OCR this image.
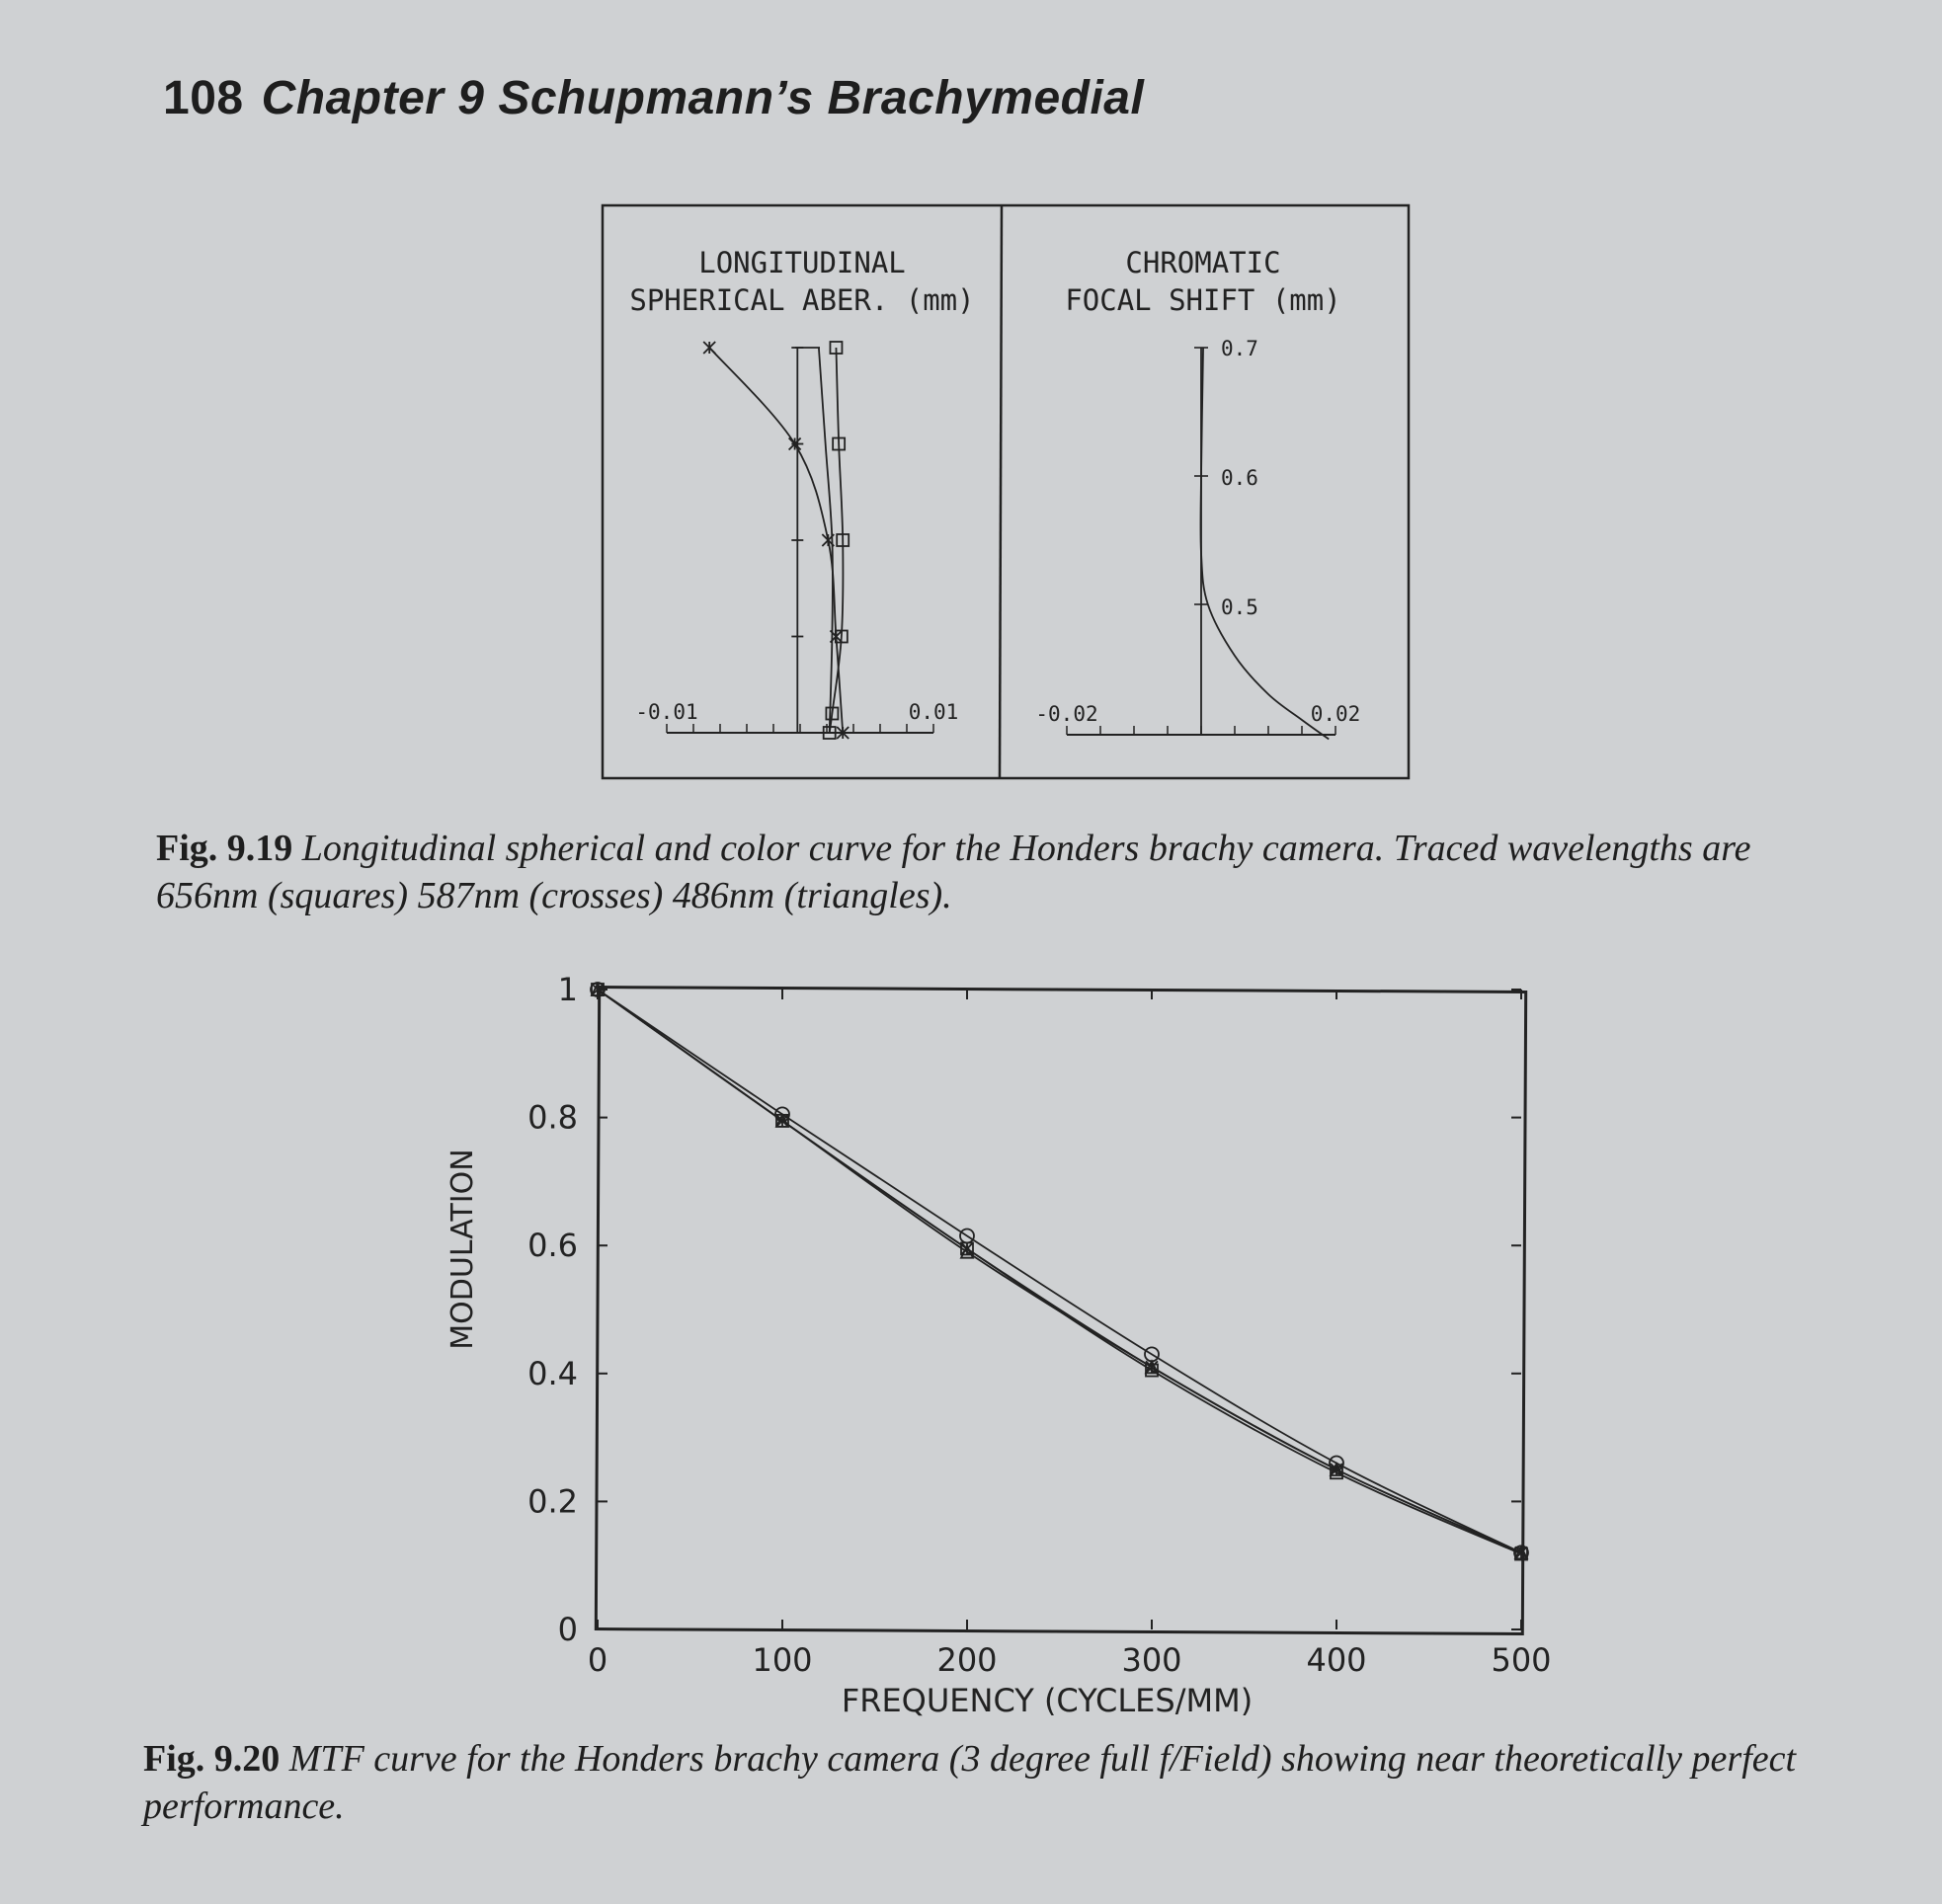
108 Chapter 9 Schupmann’s Brachymedial
LONGITUDINAL
SPHERICAL ABER. (mm)
CHROMATIC
FOCAL SHIFT (mm)
-0.01	0.01	-0.02	0.02
0.7
0.6
0.5
0	100	200	300	400	500
0
0.2
0.4
0.6
0.8
1
MODULATION
FREQUENCY (CYCLES/MM)
Fig. 9.19 Longitudinal spherical and color curve for the Honders brachy camera. Traced wavelengths are 656nm (squares) 587nm (crosses) 486nm (triangles).
Fig. 9.20 MTF curve for the Honders brachy camera (3 degree full f/Field) showing near theoretically perfect performance.
